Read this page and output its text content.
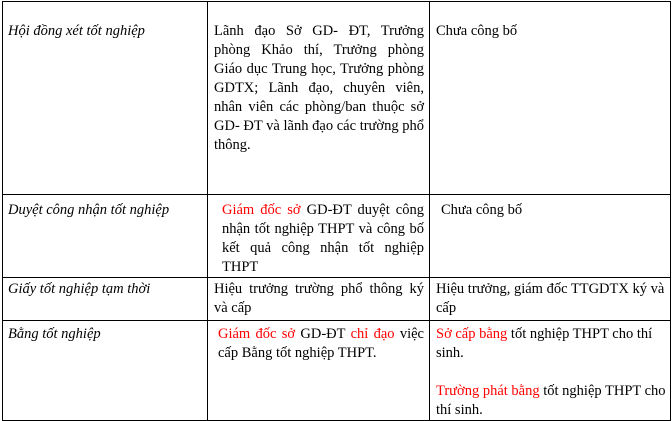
Hội đồng xét tốt nghiệp	Lãnh đạo Sở GD- ĐT, Trưởng phòng Khảo thí, Trưởng phòng Giáo dục Trung học, Trưởng phòng GDTX; Lãnh đạo, chuyên viên, nhân viên các phòng/ban thuộc sở GD- ĐT và lãnh đạo các trường phổ thông.	Chưa công bố
Duyệt công nhận tốt nghiệp	Giám đốc sở GD-ĐT duyệt công nhận tốt nghiệp THPT và công bố kết quả công nhận tốt nghiệp THPT	Chưa công bố
Giấy tốt nghiệp tạm thời	Hiệu trưởng trường phổ thông ký và cấp	Hiệu trưởng, giám đốc TTGDTX ký và cấp
Bằng tốt nghiệp	Giám đốc sở GD-ĐT chỉ đạo việc cấp Bằng tốt nghiệp THPT.	Sở cấp bằng tốt nghiệp THPT cho thí sinh.
Trường phát bằng tốt nghiệp THPT cho thí sinh.
